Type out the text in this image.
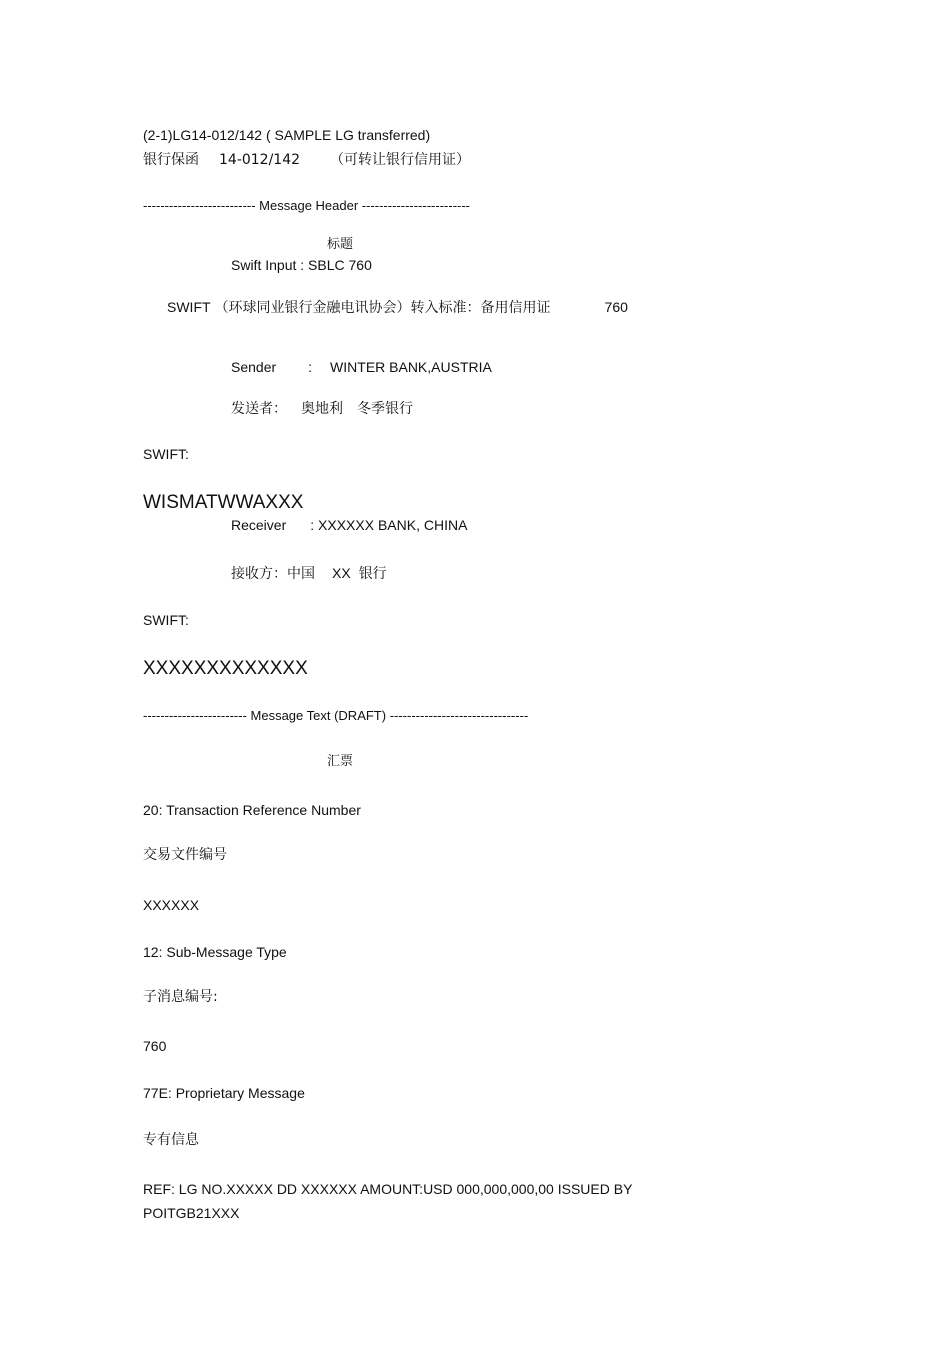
(2-1)LG14-012/142 ( SAMPLE LG transferred)
银行保函 14-012/142 （可转让银行信用证）
-------------------------- Message Header -------------------------
标题
Swift Input : SBLC 760
SWIFT （环球同业银行金融电讯协会）转入标准：备用信用证	760
Sender : WINTER BANK,AUSTRIA
发送者： 奥地利 冬季银行
SWIFT:
WISMATWWAXXX
Receiver : XXXXXX BANK, CHINA
接收方：中国 XX 银行
SWIFT:
XXXXXXXXXXXXX
------------------------ Message Text (DRAFT) --------------------------------
汇票
20: Transaction Reference Number
交易文件编号
XXXXXX
12: Sub-Message Type
子消息编号:
760
77E: Proprietary Message
专有信息
REF: LG NO.XXXXX DD XXXXXX AMOUNT:USD 000,000,000,00 ISSUED BY
POITGB21XXX
